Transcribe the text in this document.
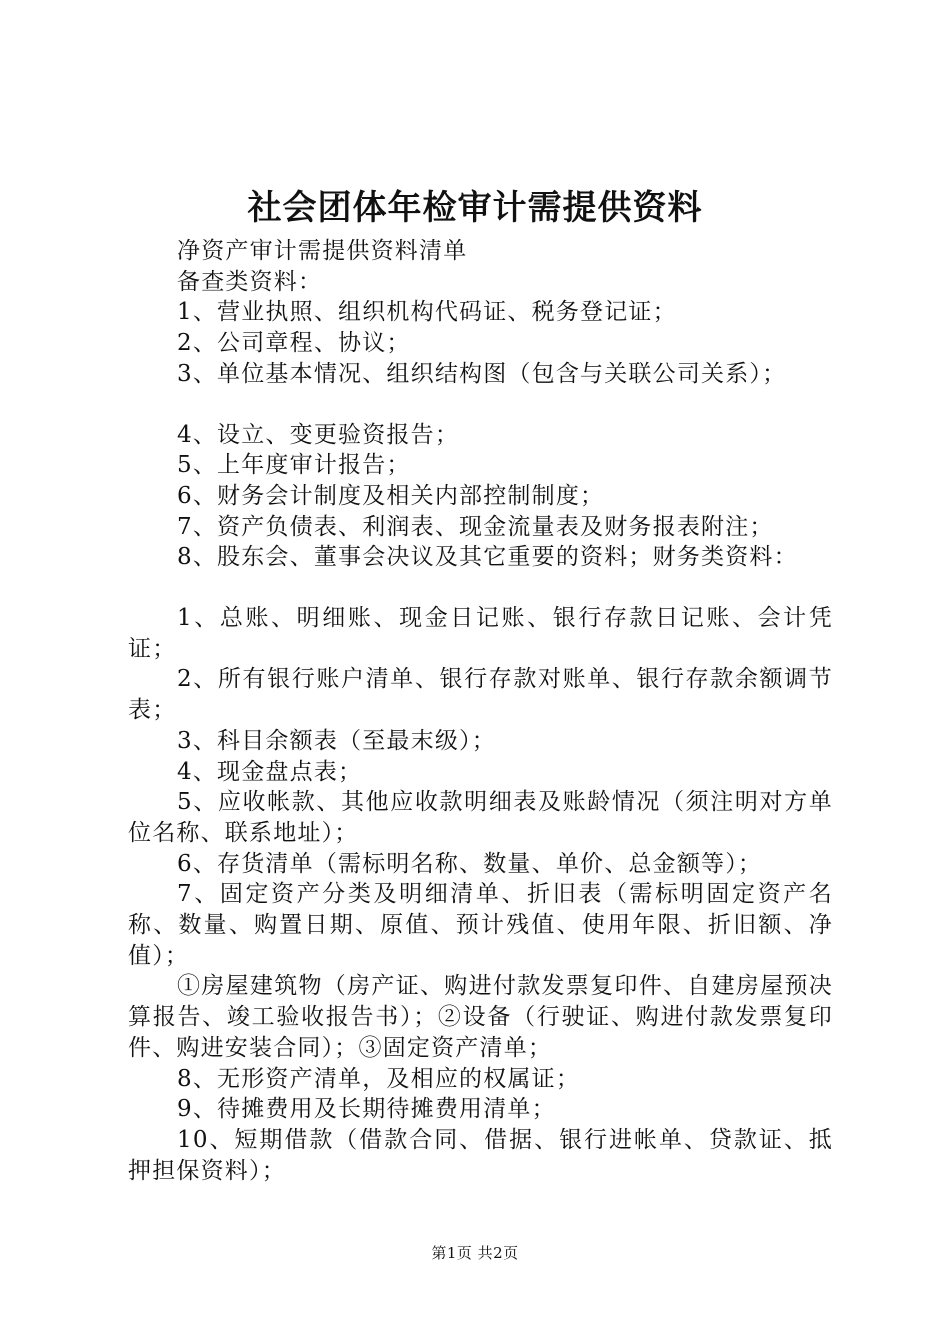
社会团体年检审计需提供资料

净资产审计需提供资料清单

备查类资料：

1、营业执照、组织机构代码证、税务登记证；

2、公司章程、协议；

3、单位基本情况、组织结构图（包含与关联公司关系）；

4、设立、变更验资报告；

5、上年度审计报告；

6、财务会计制度及相关内部控制制度；

7、资产负债表、利润表、现金流量表及财务报表附注；

8、股东会、董事会决议及其它重要的资料；财务类资料：

1、总账、明细账、现金日记账、银行存款日记账、会计凭证；

2、所有银行账户清单、银行存款对账单、银行存款余额调节表；

3、科目余额表（至最末级）；

4、现金盘点表；

5、应收帐款、其他应收款明细表及账龄情况（须注明对方单位名称、联系地址）；

6、存货清单（需标明名称、数量、单价、总金额等）；

7、固定资产分类及明细清单、折旧表（需标明固定资产名称、数量、购置日期、原值、预计残值、使用年限、折旧额、净值）；

①房屋建筑物（房产证、购进付款发票复印件、自建房屋预决算报告、竣工验收报告书）；②设备（行驶证、购进付款发票复印件、购进安装合同）；③固定资产清单；

8、无形资产清单，及相应的权属证；

9、待摊费用及长期待摊费用清单；

10、短期借款（借款合同、借据、银行进帐单、贷款证、抵押担保资料）；

第1页 共2页
